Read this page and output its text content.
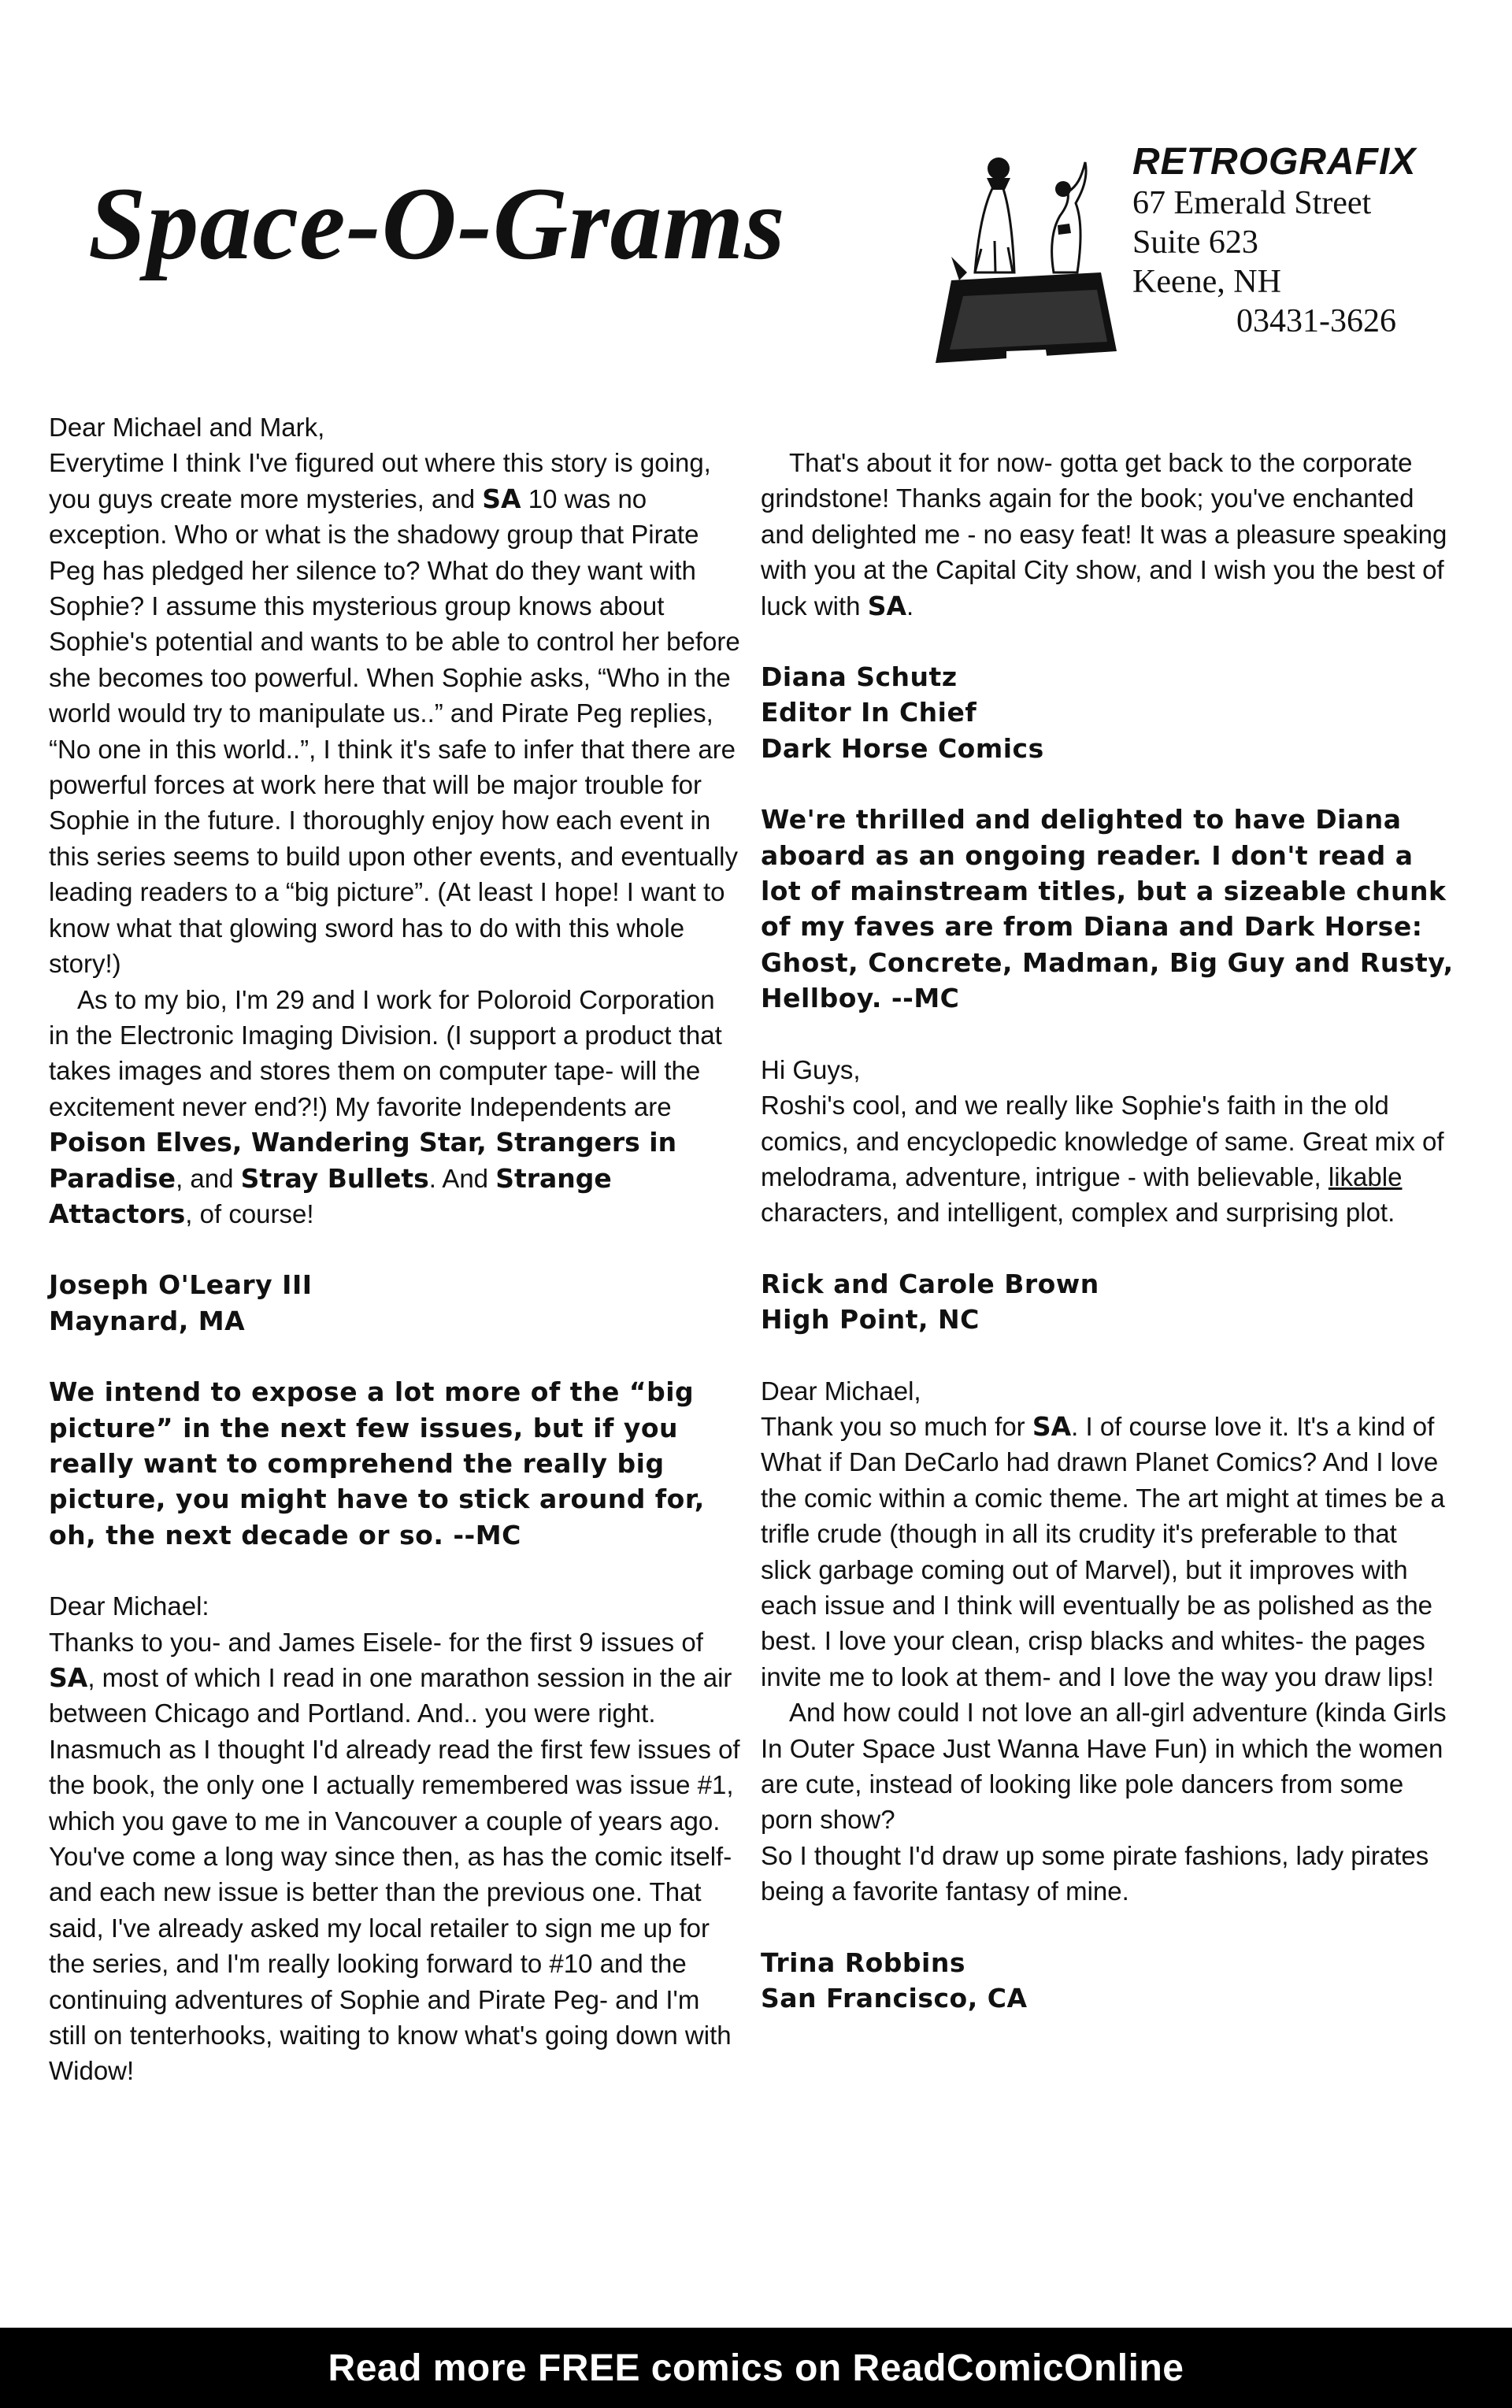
Space-O-Grams
RETROGRAFIX
67 Emerald Street
Suite 623
Keene, NH
03431-3626
Dear Michael and Mark,
Everytime I think I've figured out where this story is going, you guys create more mysteries, and SA 10 was no exception. Who or what is the shadowy group that Pirate Peg has pledged her silence to? What do they want with Sophie? I assume this mysterious group knows about Sophie's potential and wants to be able to control her before she becomes too powerful. When Sophie asks, “Who in the world would try to manipulate us..” and Pirate Peg replies, “No one in this world..”, I think it's safe to infer that there are powerful forces at work here that will be major trouble for Sophie in the future. I thoroughly enjoy how each event in this series seems to build upon other events, and eventually leading readers to a “big picture”. (At least I hope! I want to know what that glowing sword has to do with this whole story!)
As to my bio, I'm 29 and I work for Poloroid Corporation in the Electronic Imaging Division. (I support a product that takes images and stores them on computer tape- will the excitement never end?!) My favorite Independents are Poison Elves, Wandering Star, Strangers in Paradise, and Stray Bullets. And Strange Attactors, of course!
Joseph O'Leary III
Maynard, MA
We intend to expose a lot more of the “big picture” in the next few issues, but if you really want to comprehend the really big picture, you might have to stick around for, oh, the next decade or so. --MC
Dear Michael:
Thanks to you- and James Eisele- for the first 9 issues of SA, most of which I read in one marathon session in the air between Chicago and Portland. And.. you were right. Inasmuch as I thought I'd already read the first few issues of the book, the only one I actually remembered was issue #1, which you gave to me in Vancouver a couple of years ago. You've come a long way since then, as has the comic itself- and each new issue is better than the previous one. That said, I've already asked my local retailer to sign me up for the series, and I'm really looking forward to #10 and the continuing adventures of Sophie and Pirate Peg- and I'm still on tenterhooks, waiting to know what's going down with Widow!
That's about it for now- gotta get back to the corporate grindstone! Thanks again for the book; you've enchanted and delighted me - no easy feat! It was a pleasure speaking with you at the Capital City show, and I wish you the best of luck with SA.
Diana Schutz
Editor In Chief
Dark Horse Comics
We're thrilled and delighted to have Diana aboard as an ongoing reader. I don't read a lot of mainstream titles, but a sizeable chunk of my faves are from Diana and Dark Horse: Ghost, Concrete, Madman, Big Guy and Rusty, Hellboy. --MC
Hi Guys,
Roshi's cool, and we really like Sophie's faith in the old comics, and encyclopedic knowledge of same. Great mix of melodrama, adventure, intrigue - with believable, likable characters, and intelligent, complex and surprising plot.
Rick and Carole Brown
High Point, NC
Dear Michael,
Thank you so much for SA. I of course love it. It's a kind of What if Dan DeCarlo had drawn Planet Comics? And I love the comic within a comic theme. The art might at times be a trifle crude (though in all its crudity it's preferable to that slick garbage coming out of Marvel), but it improves with each issue and I think will eventually be as polished as the best. I love your clean, crisp blacks and whites- the pages invite me to look at them- and I love the way you draw lips!
And how could I not love an all-girl adventure (kinda Girls In Outer Space Just Wanna Have Fun) in which the women are cute, instead of looking like pole dancers from some porn show?
So I thought I'd draw up some pirate fashions, lady pirates being a favorite fantasy of mine.
Trina Robbins
San Francisco, CA
Read more FREE comics on ReadComicOnline
